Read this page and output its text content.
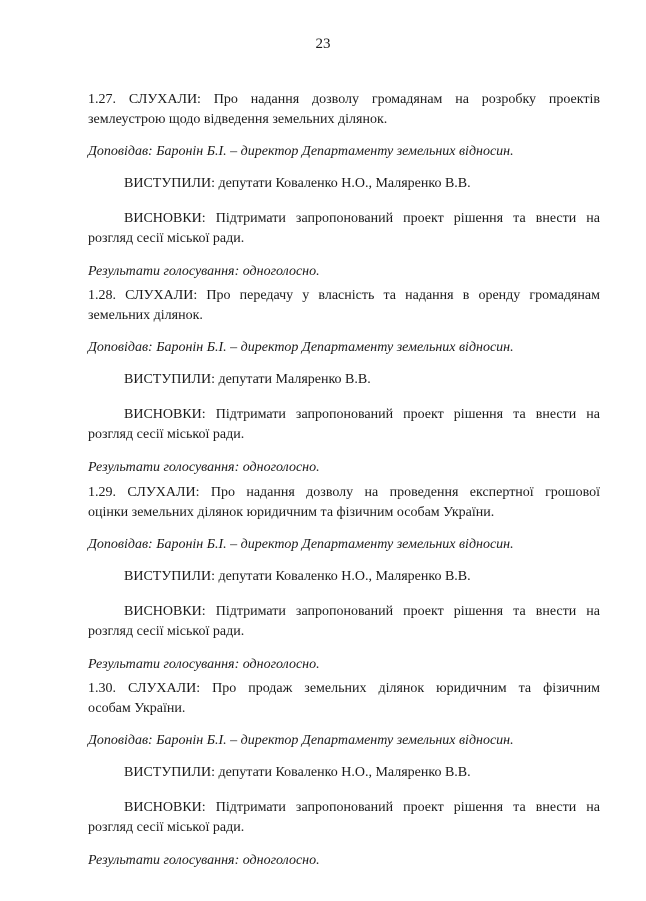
23
1.27. СЛУХАЛИ: Про надання дозволу громадянам на розробку проектів
землеустрою щодо відведення земельних ділянок.
Доповідав: Баронін Б.І. – директор Департаменту земельних відносин.
ВИСТУПИЛИ: депутати Коваленко Н.О., Маляренко В.В.
ВИСНОВКИ: Підтримати запропонований проект рішення та внести на
розгляд сесії міської ради.
Результати голосування: одноголосно.
1.28. СЛУХАЛИ: Про передачу у власність та надання в оренду громадянам
земельних ділянок.
Доповідав: Баронін Б.І. – директор Департаменту земельних відносин.
ВИСТУПИЛИ: депутати Маляренко В.В.
ВИСНОВКИ: Підтримати запропонований проект рішення та внести на
розгляд сесії міської ради.
Результати голосування: одноголосно.
1.29. СЛУХАЛИ: Про надання дозволу на проведення експертної грошової
оцінки земельних ділянок юридичним та фізичним особам України.
Доповідав: Баронін Б.І. – директор Департаменту земельних відносин.
ВИСТУПИЛИ: депутати Коваленко Н.О., Маляренко В.В.
ВИСНОВКИ: Підтримати запропонований проект рішення та внести на
розгляд сесії міської ради.
Результати голосування: одноголосно.
1.30. СЛУХАЛИ: Про продаж земельних ділянок юридичним та фізичним
особам України.
Доповідав: Баронін Б.І. – директор Департаменту земельних відносин.
ВИСТУПИЛИ: депутати Коваленко Н.О., Маляренко В.В.
ВИСНОВКИ: Підтримати запропонований проект рішення та внести на
розгляд сесії міської ради.
Результати голосування: одноголосно.
